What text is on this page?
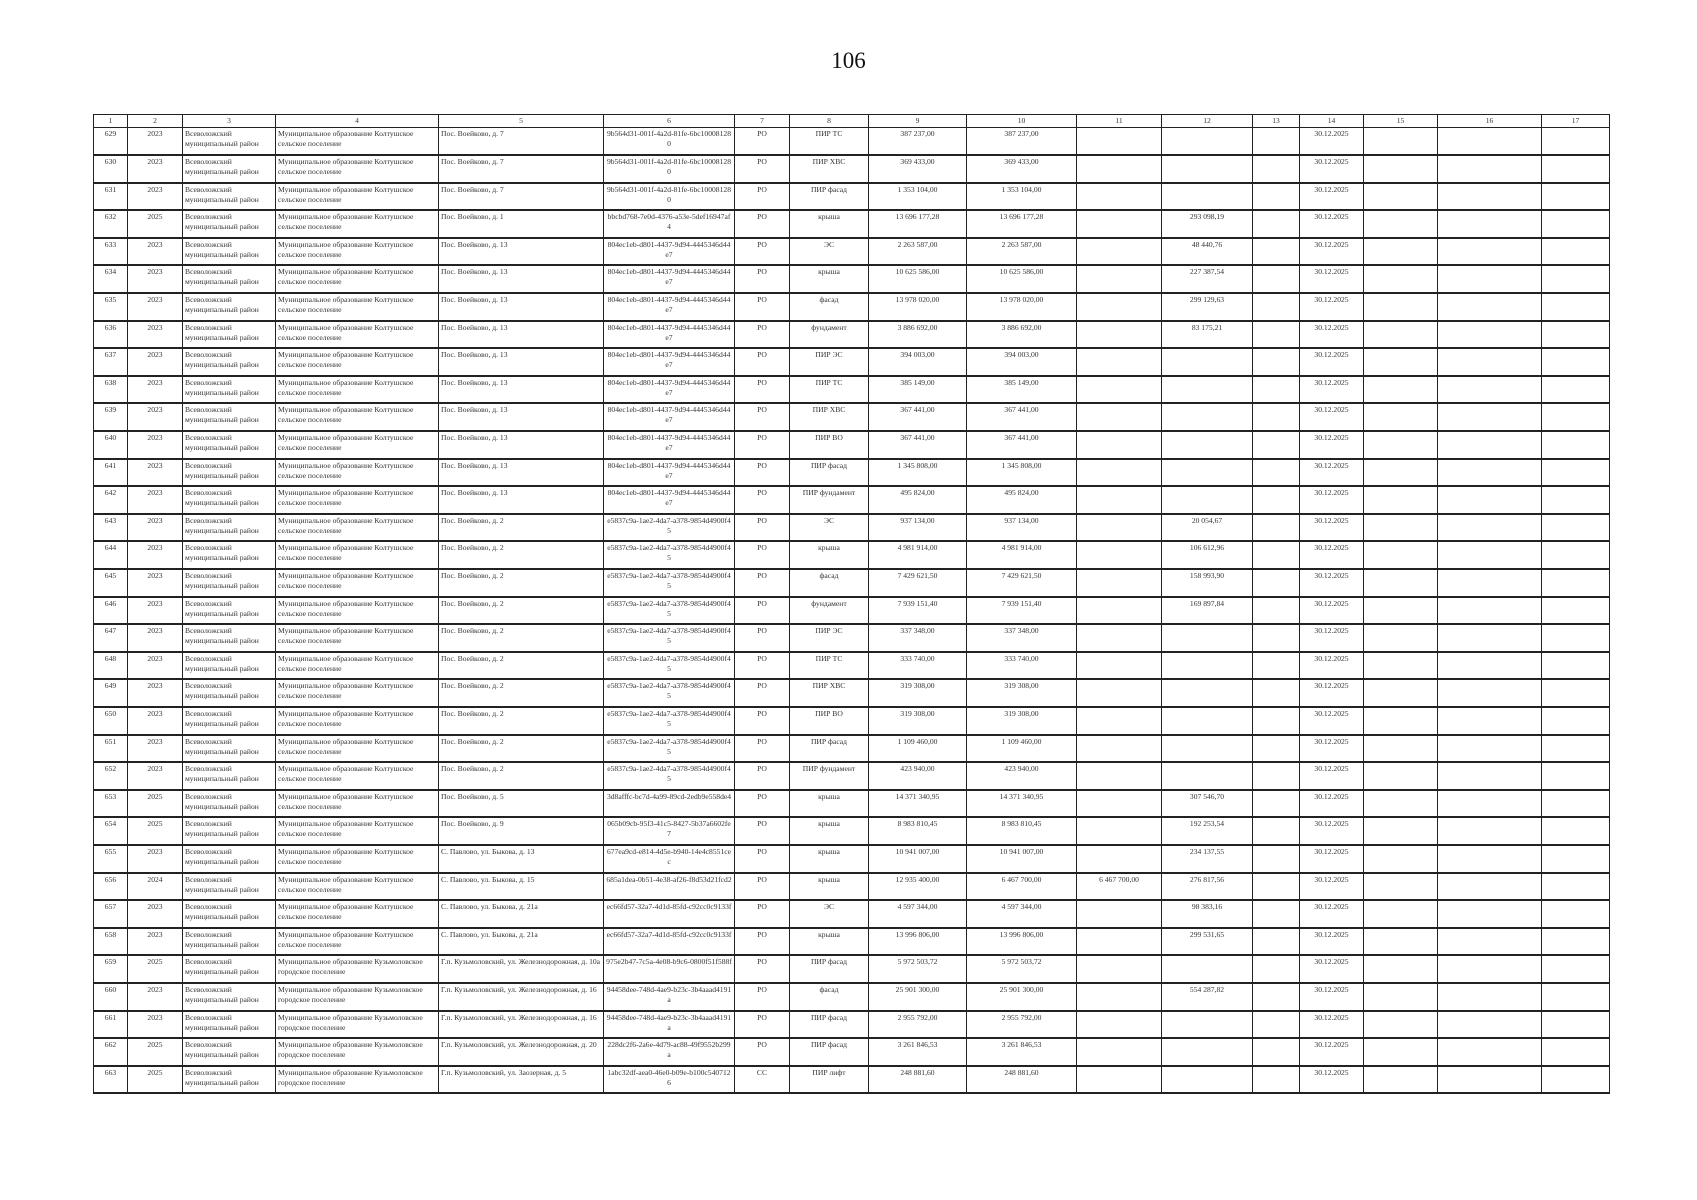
106
1	2	3	4	5	6	7	8	9	10	11	12	13	14	15	16	17
629	2023	Всеволожский муниципальный район	Муниципальное образование Колтушское сельское поселение	Пос. Воейково, д. 7	9b564d31-001f-4a2d-81fe-6bc100081280	РО	ПИР ТС	387 237,00	387 237,00				30.12.2025			
630	2023	Всеволожский муниципальный район	Муниципальное образование Колтушское сельское поселение	Пос. Воейково, д. 7	9b564d31-001f-4a2d-81fe-6bc100081280	РО	ПИР ХВС	369 433,00	369 433,00				30.12.2025			
631	2023	Всеволожский муниципальный район	Муниципальное образование Колтушское сельское поселение	Пос. Воейково, д. 7	9b564d31-001f-4a2d-81fe-6bc100081280	РО	ПИР фасад	1 353 104,00	1 353 104,00				30.12.2025			
632	2025	Всеволожский муниципальный район	Муниципальное образование Колтушское сельское поселение	Пос. Воейково, д. 1	bbcbd768-7e0d-4376-a53e-5def16947af4	РО	крыша	13 696 177,28	13 696 177,28		293 098,19		30.12.2025			
633	2023	Всеволожский муниципальный район	Муниципальное образование Колтушское сельское поселение	Пос. Воейково, д. 13	804ec1eb-d801-4437-9d94-4445346d44e7	РО	ЭС	2 263 587,00	2 263 587,00		48 440,76		30.12.2025			
634	2023	Всеволожский муниципальный район	Муниципальное образование Колтушское сельское поселение	Пос. Воейково, д. 13	804ec1eb-d801-4437-9d94-4445346d44e7	РО	крыша	10 625 586,00	10 625 586,00		227 387,54		30.12.2025			
635	2023	Всеволожский муниципальный район	Муниципальное образование Колтушское сельское поселение	Пос. Воейково, д. 13	804ec1eb-d801-4437-9d94-4445346d44e7	РО	фасад	13 978 020,00	13 978 020,00		299 129,63		30.12.2025			
636	2023	Всеволожский муниципальный район	Муниципальное образование Колтушское сельское поселение	Пос. Воейково, д. 13	804ec1eb-d801-4437-9d94-4445346d44e7	РО	фундамент	3 886 692,00	3 886 692,00		83 175,21		30.12.2025			
637	2023	Всеволожский муниципальный район	Муниципальное образование Колтушское сельское поселение	Пос. Воейково, д. 13	804ec1eb-d801-4437-9d94-4445346d44e7	РО	ПИР ЭС	394 003,00	394 003,00				30.12.2025			
638	2023	Всеволожский муниципальный район	Муниципальное образование Колтушское сельское поселение	Пос. Воейково, д. 13	804ec1eb-d801-4437-9d94-4445346d44e7	РО	ПИР ТС	385 149,00	385 149,00				30.12.2025			
639	2023	Всеволожский муниципальный район	Муниципальное образование Колтушское сельское поселение	Пос. Воейково, д. 13	804ec1eb-d801-4437-9d94-4445346d44e7	РО	ПИР ХВС	367 441,00	367 441,00				30.12.2025			
640	2023	Всеволожский муниципальный район	Муниципальное образование Колтушское сельское поселение	Пос. Воейково, д. 13	804ec1eb-d801-4437-9d94-4445346d44e7	РО	ПИР ВО	367 441,00	367 441,00				30.12.2025			
641	2023	Всеволожский муниципальный район	Муниципальное образование Колтушское сельское поселение	Пос. Воейково, д. 13	804ec1eb-d801-4437-9d94-4445346d44e7	РО	ПИР фасад	1 345 808,00	1 345 808,00				30.12.2025			
642	2023	Всеволожский муниципальный район	Муниципальное образование Колтушское сельское поселение	Пос. Воейково, д. 13	804ec1eb-d801-4437-9d94-4445346d44e7	РО	ПИР фундамент	495 824,00	495 824,00				30.12.2025			
643	2023	Всеволожский муниципальный район	Муниципальное образование Колтушское сельское поселение	Пос. Воейково, д. 2	e5837c9a-1ae2-4da7-a378-9854d4900f45	РО	ЭС	937 134,00	937 134,00		20 054,67		30.12.2025			
644	2023	Всеволожский муниципальный район	Муниципальное образование Колтушское сельское поселение	Пос. Воейково, д. 2	e5837c9a-1ae2-4da7-a378-9854d4900f45	РО	крыша	4 981 914,00	4 981 914,00		106 612,96		30.12.2025			
645	2023	Всеволожский муниципальный район	Муниципальное образование Колтушское сельское поселение	Пос. Воейково, д. 2	e5837c9a-1ae2-4da7-a378-9854d4900f45	РО	фасад	7 429 621,50	7 429 621,50		158 993,90		30.12.2025			
646	2023	Всеволожский муниципальный район	Муниципальное образование Колтушское сельское поселение	Пос. Воейково, д. 2	e5837c9a-1ae2-4da7-a378-9854d4900f45	РО	фундамент	7 939 151,40	7 939 151,40		169 897,84		30.12.2025			
647	2023	Всеволожский муниципальный район	Муниципальное образование Колтушское сельское поселение	Пос. Воейково, д. 2	e5837c9a-1ae2-4da7-a378-9854d4900f45	РО	ПИР ЭС	337 348,00	337 348,00				30.12.2025			
648	2023	Всеволожский муниципальный район	Муниципальное образование Колтушское сельское поселение	Пос. Воейково, д. 2	e5837c9a-1ae2-4da7-a378-9854d4900f45	РО	ПИР ТС	333 740,00	333 740,00				30.12.2025			
649	2023	Всеволожский муниципальный район	Муниципальное образование Колтушское сельское поселение	Пос. Воейково, д. 2	e5837c9a-1ae2-4da7-a378-9854d4900f45	РО	ПИР ХВС	319 308,00	319 308,00				30.12.2025			
650	2023	Всеволожский муниципальный район	Муниципальное образование Колтушское сельское поселение	Пос. Воейково, д. 2	e5837c9a-1ae2-4da7-a378-9854d4900f45	РО	ПИР ВО	319 308,00	319 308,00				30.12.2025			
651	2023	Всеволожский муниципальный район	Муниципальное образование Колтушское сельское поселение	Пос. Воейково, д. 2	e5837c9a-1ae2-4da7-a378-9854d4900f45	РО	ПИР фасад	1 109 460,00	1 109 460,00				30.12.2025			
652	2023	Всеволожский муниципальный район	Муниципальное образование Колтушское сельское поселение	Пос. Воейково, д. 2	e5837c9a-1ae2-4da7-a378-9854d4900f45	РО	ПИР фундамент	423 940,00	423 940,00				30.12.2025			
653	2025	Всеволожский муниципальный район	Муниципальное образование Колтушское сельское поселение	Пос. Воейково, д. 5	3d8afffc-bc7d-4a99-89cd-2edb9e558de4	РО	крыша	14 371 340,95	14 371 340,95		307 546,70		30.12.2025			
654	2025	Всеволожский муниципальный район	Муниципальное образование Колтушское сельское поселение	Пос. Воейково, д. 9	065b09cb-95f3-41c5-8427-5b37a6602fe7	РО	крыша	8 983 810,45	8 983 810,45		192 253,54		30.12.2025			
655	2023	Всеволожский муниципальный район	Муниципальное образование Колтушское сельское поселение	С. Павлово, ул. Быкова, д. 13	677ea9cd-e814-4d5e-b940-14e4c8551cec	РО	крыша	10 941 007,00	10 941 007,00		234 137,55		30.12.2025			
656	2024	Всеволожский муниципальный район	Муниципальное образование Колтушское сельское поселение	С. Павлово, ул. Быкова, д. 15	685a1dea-0b51-4e38-af26-f8d53d21fcd2	РО	крыша	12 935 400,00	6 467 700,00	6 467 700,00	276 817,56		30.12.2025			
657	2023	Всеволожский муниципальный район	Муниципальное образование Колтушское сельское поселение	С. Павлово, ул. Быкова, д. 21а	ec66fd57-32a7-4d1d-85fd-c92cc0c9133f	РО	ЭС	4 597 344,00	4 597 344,00		98 383,16		30.12.2025			
658	2023	Всеволожский муниципальный район	Муниципальное образование Колтушское сельское поселение	С. Павлово, ул. Быкова, д. 21а	ec66fd57-32a7-4d1d-85fd-c92cc0c9133f	РО	крыша	13 996 806,00	13 996 806,00		299 531,65		30.12.2025			
659	2025	Всеволожский муниципальный район	Муниципальное образование Кузьмоловское городское поселение	Г.п. Кузьмоловский, ул. Железнодорожная, д. 10а	975e2b47-7c5a-4e08-b9c6-0800f51f588f	РО	ПИР фасад	5 972 503,72	5 972 503,72				30.12.2025			
660	2023	Всеволожский муниципальный район	Муниципальное образование Кузьмоловское городское поселение	Г.п. Кузьмоловский, ул. Железнодорожная, д. 16	94458dee-748d-4ae9-b23c-3b4aaad4191a	РО	фасад	25 901 300,00	25 901 300,00		554 287,82		30.12.2025			
661	2023	Всеволожский муниципальный район	Муниципальное образование Кузьмоловское городское поселение	Г.п. Кузьмоловский, ул. Железнодорожная, д. 16	94458dee-748d-4ae9-b23c-3b4aaad4191a	РО	ПИР фасад	2 955 792,00	2 955 792,00				30.12.2025			
662	2025	Всеволожский муниципальный район	Муниципальное образование Кузьмоловское городское поселение	Г.п. Кузьмоловский, ул. Железнодорожная, д. 20	228dc2f6-2a6e-4d79-ac88-49f9552b299a	РО	ПИР фасад	3 261 846,53	3 261 846,53				30.12.2025			
663	2025	Всеволожский муниципальный район	Муниципальное образование Кузьмоловское городское поселение	Г.п. Кузьмоловский, ул. Заозерная, д. 5	1abc32df-aea0-46e0-b09e-b100c5407126	СС	ПИР лифт	248 881,60	248 881,60				30.12.2025			
